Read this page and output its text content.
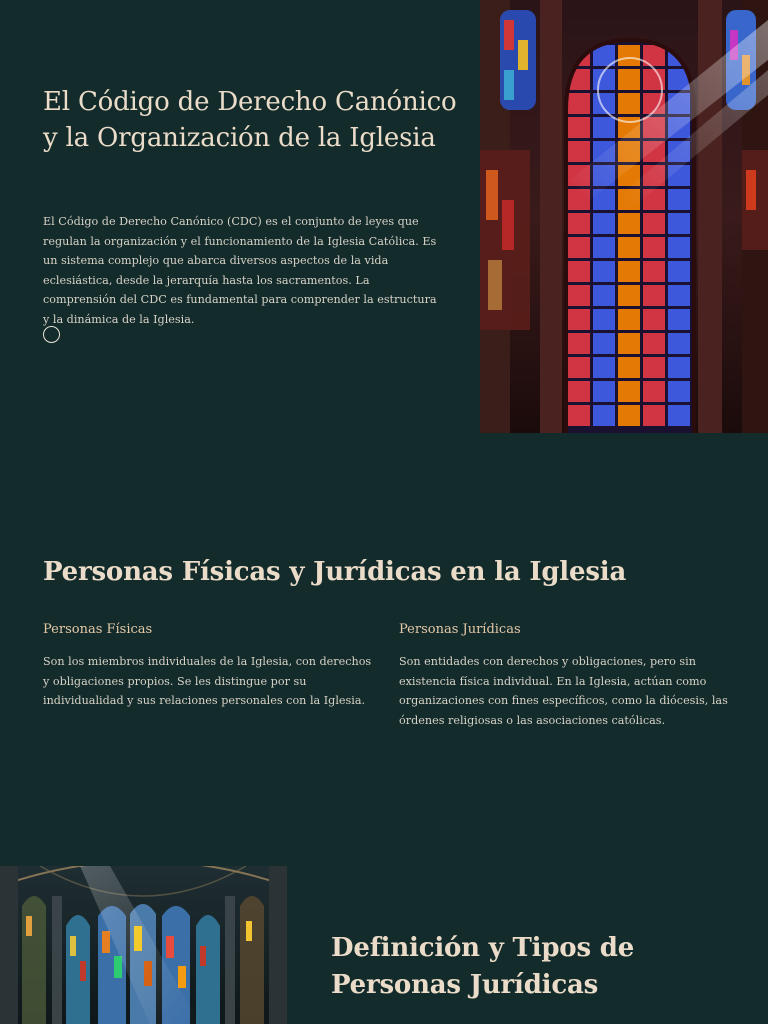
El Código de Derecho Canónico y la Organización de la Iglesia

El Código de Derecho Canónico (CDC) es el conjunto de leyes que regulan la organización y el funcionamiento de la Iglesia Católica. Es un sistema complejo que abarca diversos aspectos de la vida eclesiástica, desde la jerarquía hasta los sacramentos. La comprensión del CDC es fundamental para comprender la estructura y la dinámica de la Iglesia.

Personas Físicas y Jurídicas en la Iglesia
Personas Físicas

Son los miembros individuales de la Iglesia, con derechos y obligaciones propios. Se les distingue por su individualidad y sus relaciones personales con la Iglesia.

Personas Jurídicas

Son entidades con derechos y obligaciones, pero sin existencia física individual. En la Iglesia, actúan como organizaciones con fines específicos, como la diócesis, las órdenes religiosas o las asociaciones católicas.

Definición y Tipos de Personas Jurídicas
